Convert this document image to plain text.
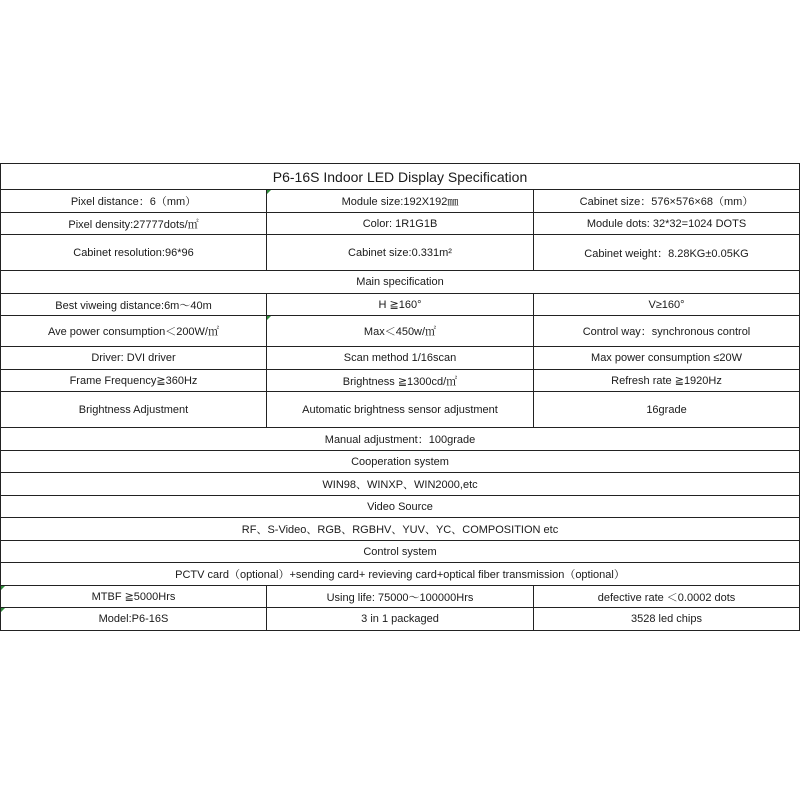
P6-16S Indoor LED Display Specification		
Pixel distance：6（mm）	Module size:192X192㎜	Cabinet size：576×576×68（mm）
Pixel density:27777dots/㎡	Color: 1R1G1B	Module dots: 32*32=1024 DOTS
Cabinet resolution:96*96	Cabinet size:0.331m²	Cabinet weight：8.28KG±0.05KG
Main specification		
Best viweing distance:6m～40m	H ≧160°	V≥160°
Ave power consumption＜200W/㎡	Max＜450w/㎡	Control way：synchronous control
Driver: DVI driver	Scan method 1/16scan	Max power consumption ≤20W
Frame Frequency≧360Hz	Brightness ≧1300cd/㎡	Refresh rate ≧1920Hz
Brightness Adjustment	Automatic brightness sensor adjustment	16grade
Manual adjustment：100grade		
Cooperation system		
WIN98、WINXP、WIN2000,etc		
Video Source		
RF、S-Video、RGB、RGBHV、YUV、YC、COMPOSITION etc		
Control system		
PCTV card（optional）+sending card+ revieving card+optical fiber transmission（optional）		
MTBF ≧5000Hrs	Using life: 75000～100000Hrs	defective rate ＜0.0002 dots
Model:P6-16S	3 in 1 packaged	3528 led chips
